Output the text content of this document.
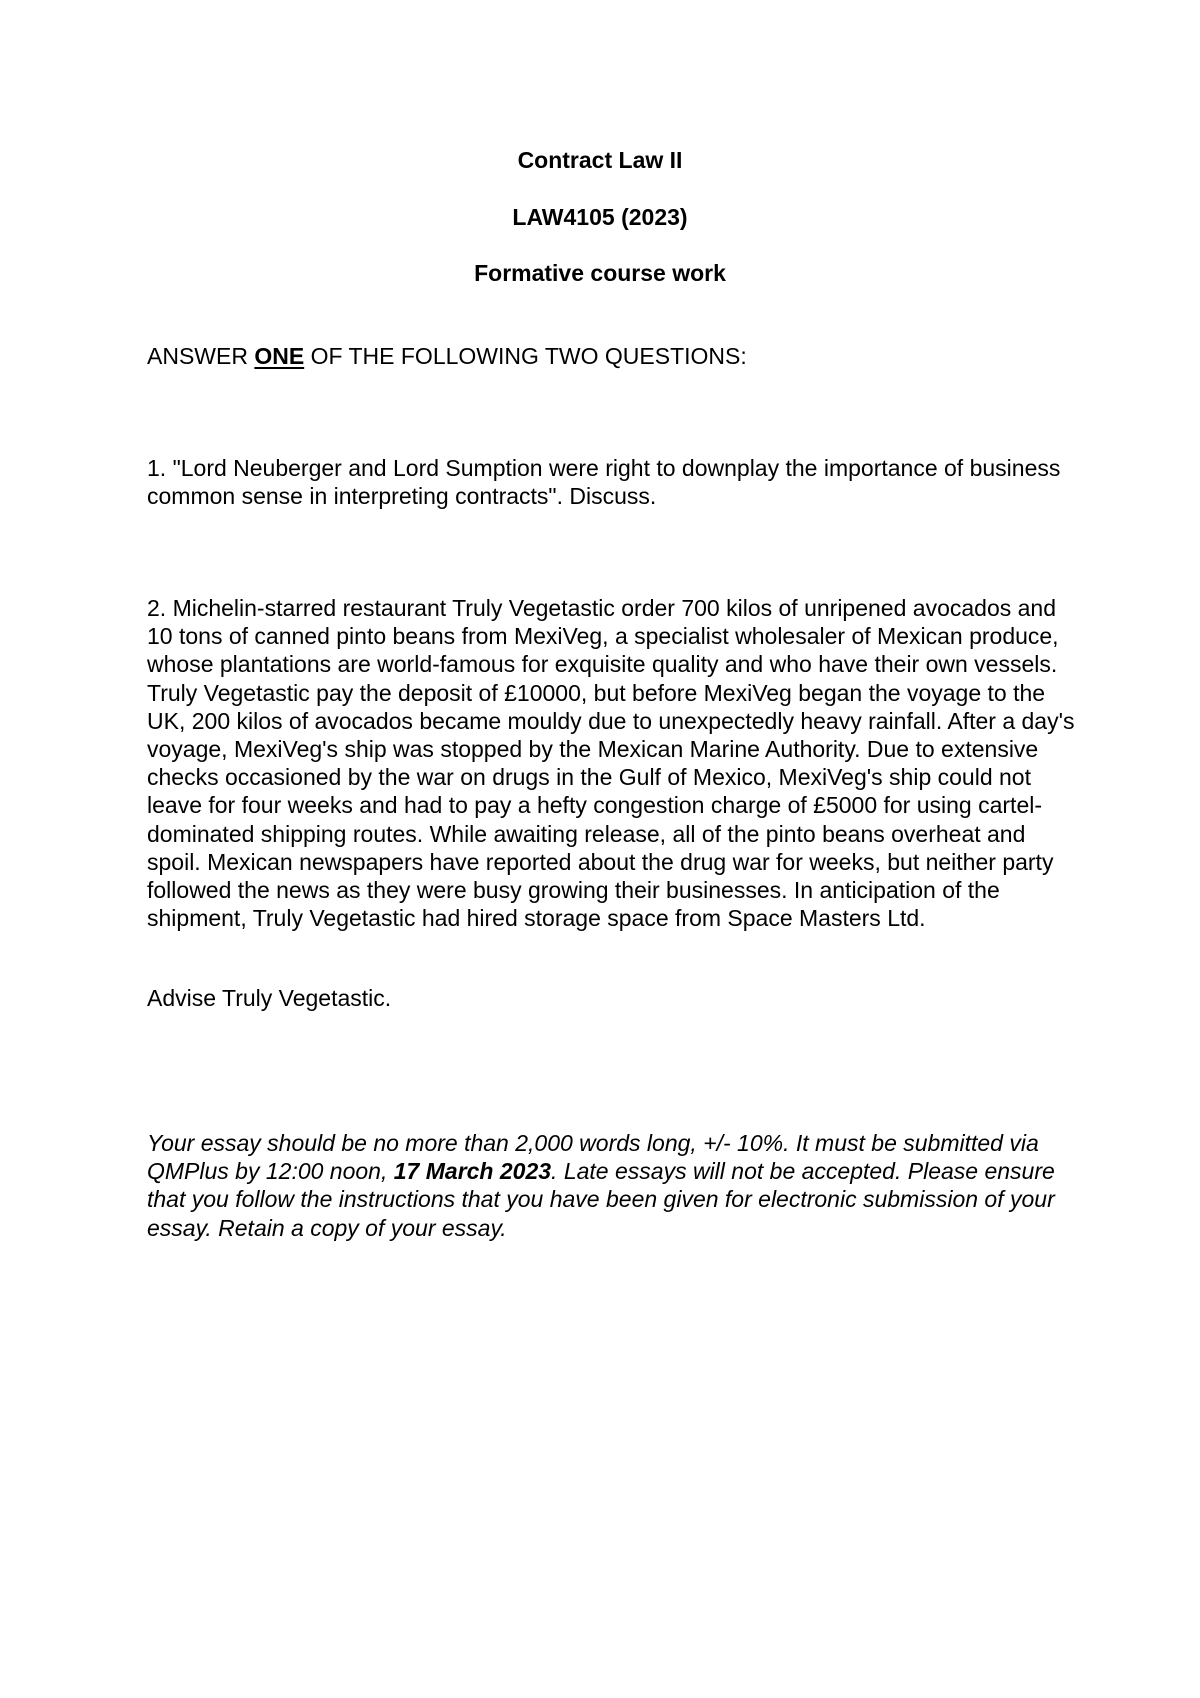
Contract Law II
LAW4105 (2023)
Formative course work
ANSWER ONE OF THE FOLLOWING TWO QUESTIONS:
1. "Lord Neuberger and Lord Sumption were right to downplay the importance of business common sense in interpreting contracts". Discuss.
2. Michelin-starred restaurant Truly Vegetastic order 700 kilos of unripened avocados and 10 tons of canned pinto beans from MexiVeg, a specialist wholesaler of Mexican produce, whose plantations are world-famous for exquisite quality and who have their own vessels. Truly Vegetastic pay the deposit of £10000, but before MexiVeg began the voyage to the UK, 200 kilos of avocados became mouldy due to unexpectedly heavy rainfall. After a day's voyage, MexiVeg's ship was stopped by the Mexican Marine Authority. Due to extensive checks occasioned by the war on drugs in the Gulf of Mexico, MexiVeg's ship could not leave for four weeks and had to pay a hefty congestion charge of £5000 for using cartel-dominated shipping routes. While awaiting release, all of the pinto beans overheat and spoil. Mexican newspapers have reported about the drug war for weeks, but neither party followed the news as they were busy growing their businesses. In anticipation of the shipment, Truly Vegetastic had hired storage space from Space Masters Ltd.
Advise Truly Vegetastic.
Your essay should be no more than 2,000 words long, +/- 10%. It must be submitted via QMPlus by 12:00 noon, 17 March 2023. Late essays will not be accepted. Please ensure that you follow the instructions that you have been given for electronic submission of your essay. Retain a copy of your essay.
